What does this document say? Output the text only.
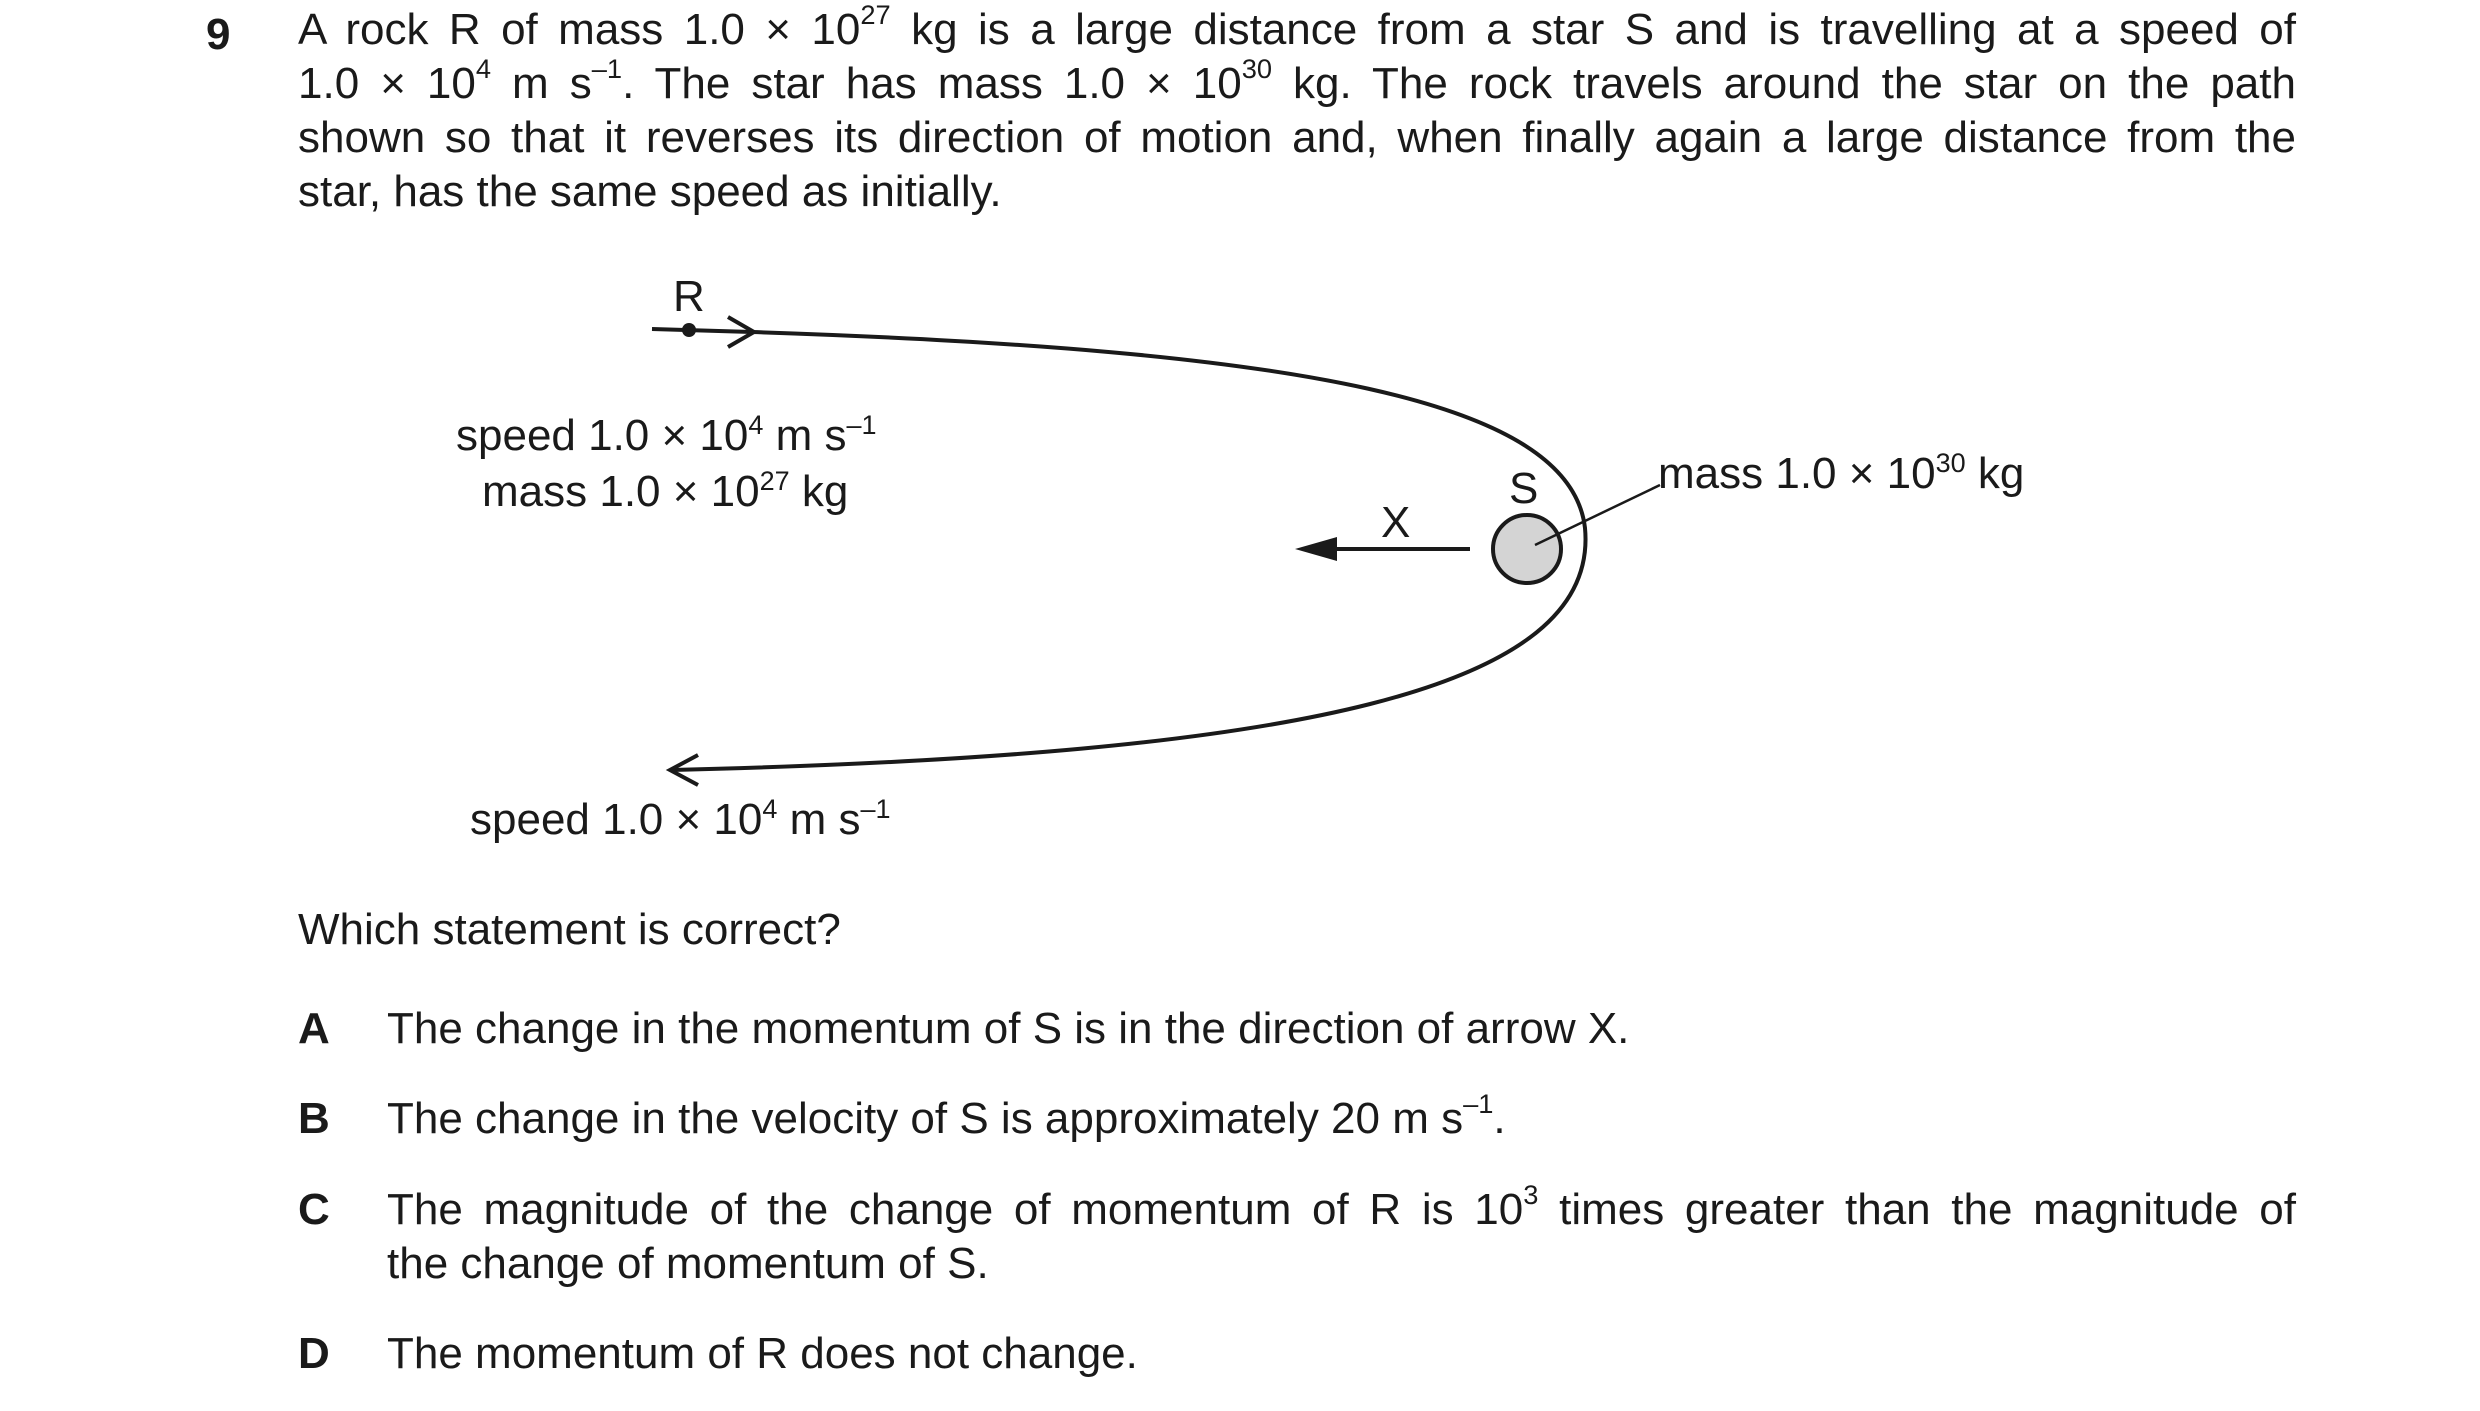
9 A rock R of mass $1.0 \times 10^{27}$ kg is a large distance from a star S and is travelling at a speed of
$1.0 \times 10^4$ m $s^{-1}$. The star has mass $1.0 \times 10^{30}$ kg. The rock travels around the star on the path
shown so that it reverses its direction of motion and, when finally again a large distance from the
star, has the same speed as initially.
R
S
X
speed $1.0 \times 10^4$ m $s^{-1}$
mass $1.0 \times 10^{27}$ kg	mass $1.0 \times 10^{30}$ kg
speed $1.0 \times 10^4$ m $s^{-1}$
Which statement is correct?
A The change in the momentum of S is in the direction of arrow X.
B The change in the velocity of S is approximately 20 m $s^{-1}$.
C The magnitude of the change of momentum of R is $10^3$ times greater than the magnitude of
the change of momentum of S.
D The momentum of R does not change.
